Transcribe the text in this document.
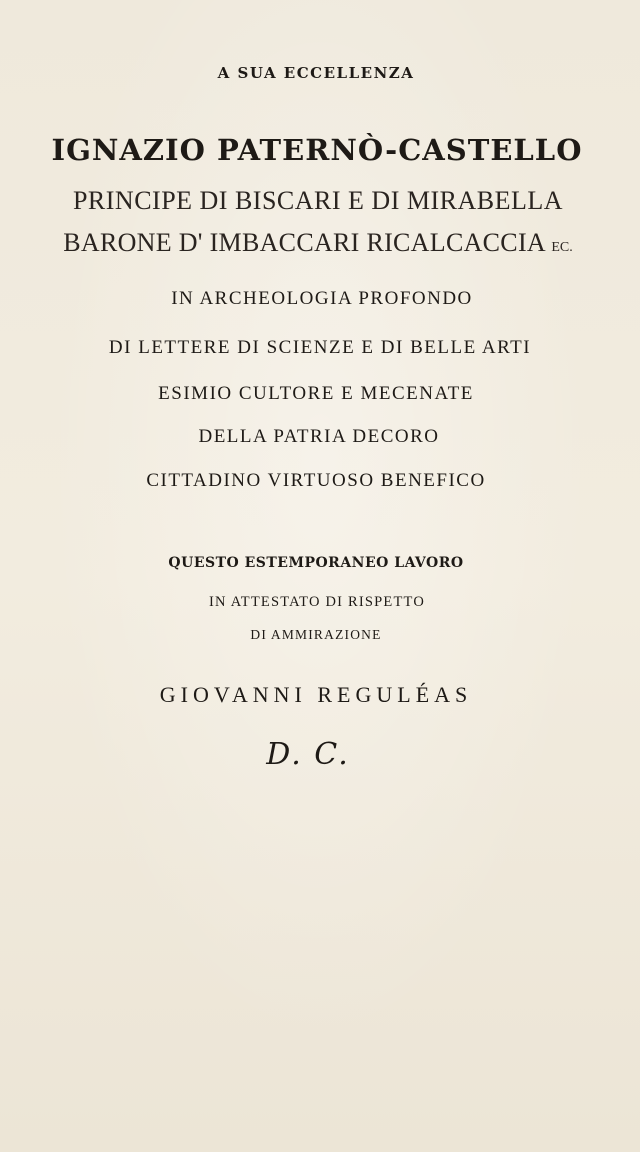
A SUA ECCELLENZA
IGNAZIO PATERNÒ-CASTELLO
PRINCIPE DI BISCARI E DI MIRABELLA
BARONE D' IMBACCARI RICALCACCIA EC.
IN ARCHEOLOGIA PROFONDO
DI LETTERE DI SCIENZE E DI BELLE ARTI
ESIMIO CULTORE E MECENATE
DELLA PATRIA DECORO
CITTADINO VIRTUOSO BENEFICO
QUESTO ESTEMPORANEO LAVORO
IN ATTESTATO DI RISPETTO
DI AMMIRAZIONE
GIOVANNI REGULÉAS
D. C.
